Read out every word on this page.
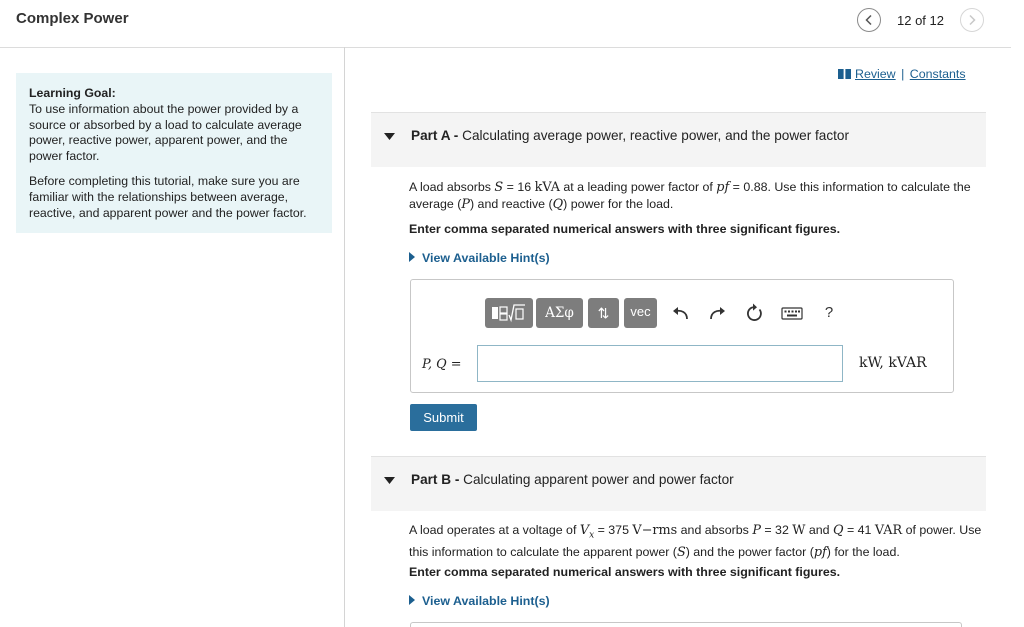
Complex Power	12 of 12

Learning Goal:
To use information about the power provided by a source or absorbed by a load to calculate average power, reactive power, apparent power, and the power factor.

Before completing this tutorial, make sure you are familiar with the relationships between average, reactive, and apparent power and the power factor.

Review | Constants
Part A - Calculating average power, reactive power, and the power factor
A load absorbs S = 16 kVA at a leading power factor of pf = 0.88. Use this information to calculate the average (P) and reactive (Q) power for the load.
Enter comma separated numerical answers with three significant figures.
View Available Hint(s)
ΑΣφ	⇅	vec	?
P, Q =	kW, kVAR
Submit
Part B - Calculating apparent power and power factor
A load operates at a voltage of $V_x = 375$ V−rms and absorbs P = 32 W and Q = 41 VAR of power. Use this information to calculate the apparent power (S) and the power factor (pf) for the load.
Enter comma separated numerical answers with three significant figures.
View Available Hint(s)
